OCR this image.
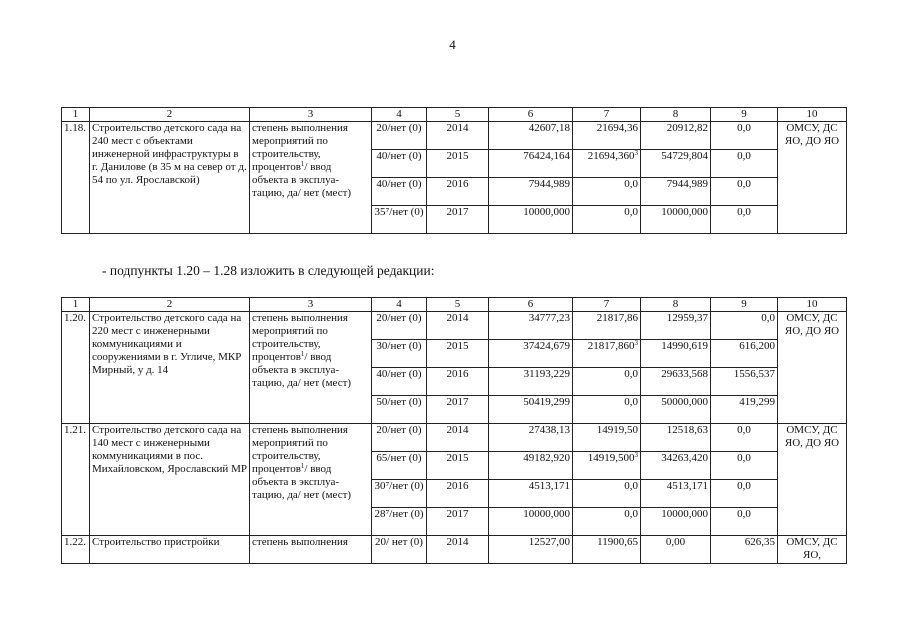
4
1	2	3	4	5	6	7	8	9	10
1.18.	Строительство детского сада на 240 мест с объектами инженерной инфраструктуры в г. Данилове (в 35 м на север от д. 54 по ул. Ярославской)	степень выполнения мероприятий по строительству, процентов$^1$/ ввод объекта в эксплуа-тацию, да/ нет (мест)	20/нет (0)	2014	42607,18	21694,36	20912,82	0,0	ОМСУ, ДС ЯО, ДО ЯО
			40/нет (0)	2015	76424,164	21694,360$^3$	54729,804	0,0	
			40/нет (0)	2016	7944,989	0,0	7944,989	0,0	
			35⁷/нет (0)	2017	10000,000	0,0	10000,000	0,0	
- подпункты 1.20 – 1.28 изложить в следующей редакции:
1	2	3	4	5	6	7	8	9	10
1.20.	Строительство детского сада на 220 мест с инженерными коммуникациями и сооружениями в г. Угличе, МКР Мирный, у д. 14	степень выполнения мероприятий по строительству, процентов$^1$/ ввод объекта в эксплуа-тацию, да/ нет (мест)	20/нет (0)	2014	34777,23	21817,86	12959,37	0,0	ОМСУ, ДС ЯО, ДО ЯО
			30/нет (0)	2015	37424,679	21817,860$^3$	14990,619	616,200	
			40/нет (0)	2016	31193,229	0,0	29633,568	1556,537	
			50/нет (0)	2017	50419,299	0,0	50000,000	419,299	
1.21.	Строительство детского сада на 140 мест с инженерными коммуникациями в пос. Михайловском, Ярославский МР	степень выполнения мероприятий по строительству, процентов$^1$/ ввод объекта в эксплуа-тацию, да/ нет (мест)	20/нет (0)	2014	27438,13	14919,50	12518,63	0,0	ОМСУ, ДС ЯО, ДО ЯО
			65/нет (0)	2015	49182,920	14919,500$^3$	34263,420	0,0	
			30⁷/нет (0)	2016	4513,171	0,0	4513,171	0,0	
			28⁷/нет (0)	2017	10000,000	0,0	10000,000	0,0	
1.22.	Строительство пристройки	степень выполнения	20/ нет (0)	2014	12527,00	11900,65	0,00	626,35	ОМСУ, ДС ЯО,
